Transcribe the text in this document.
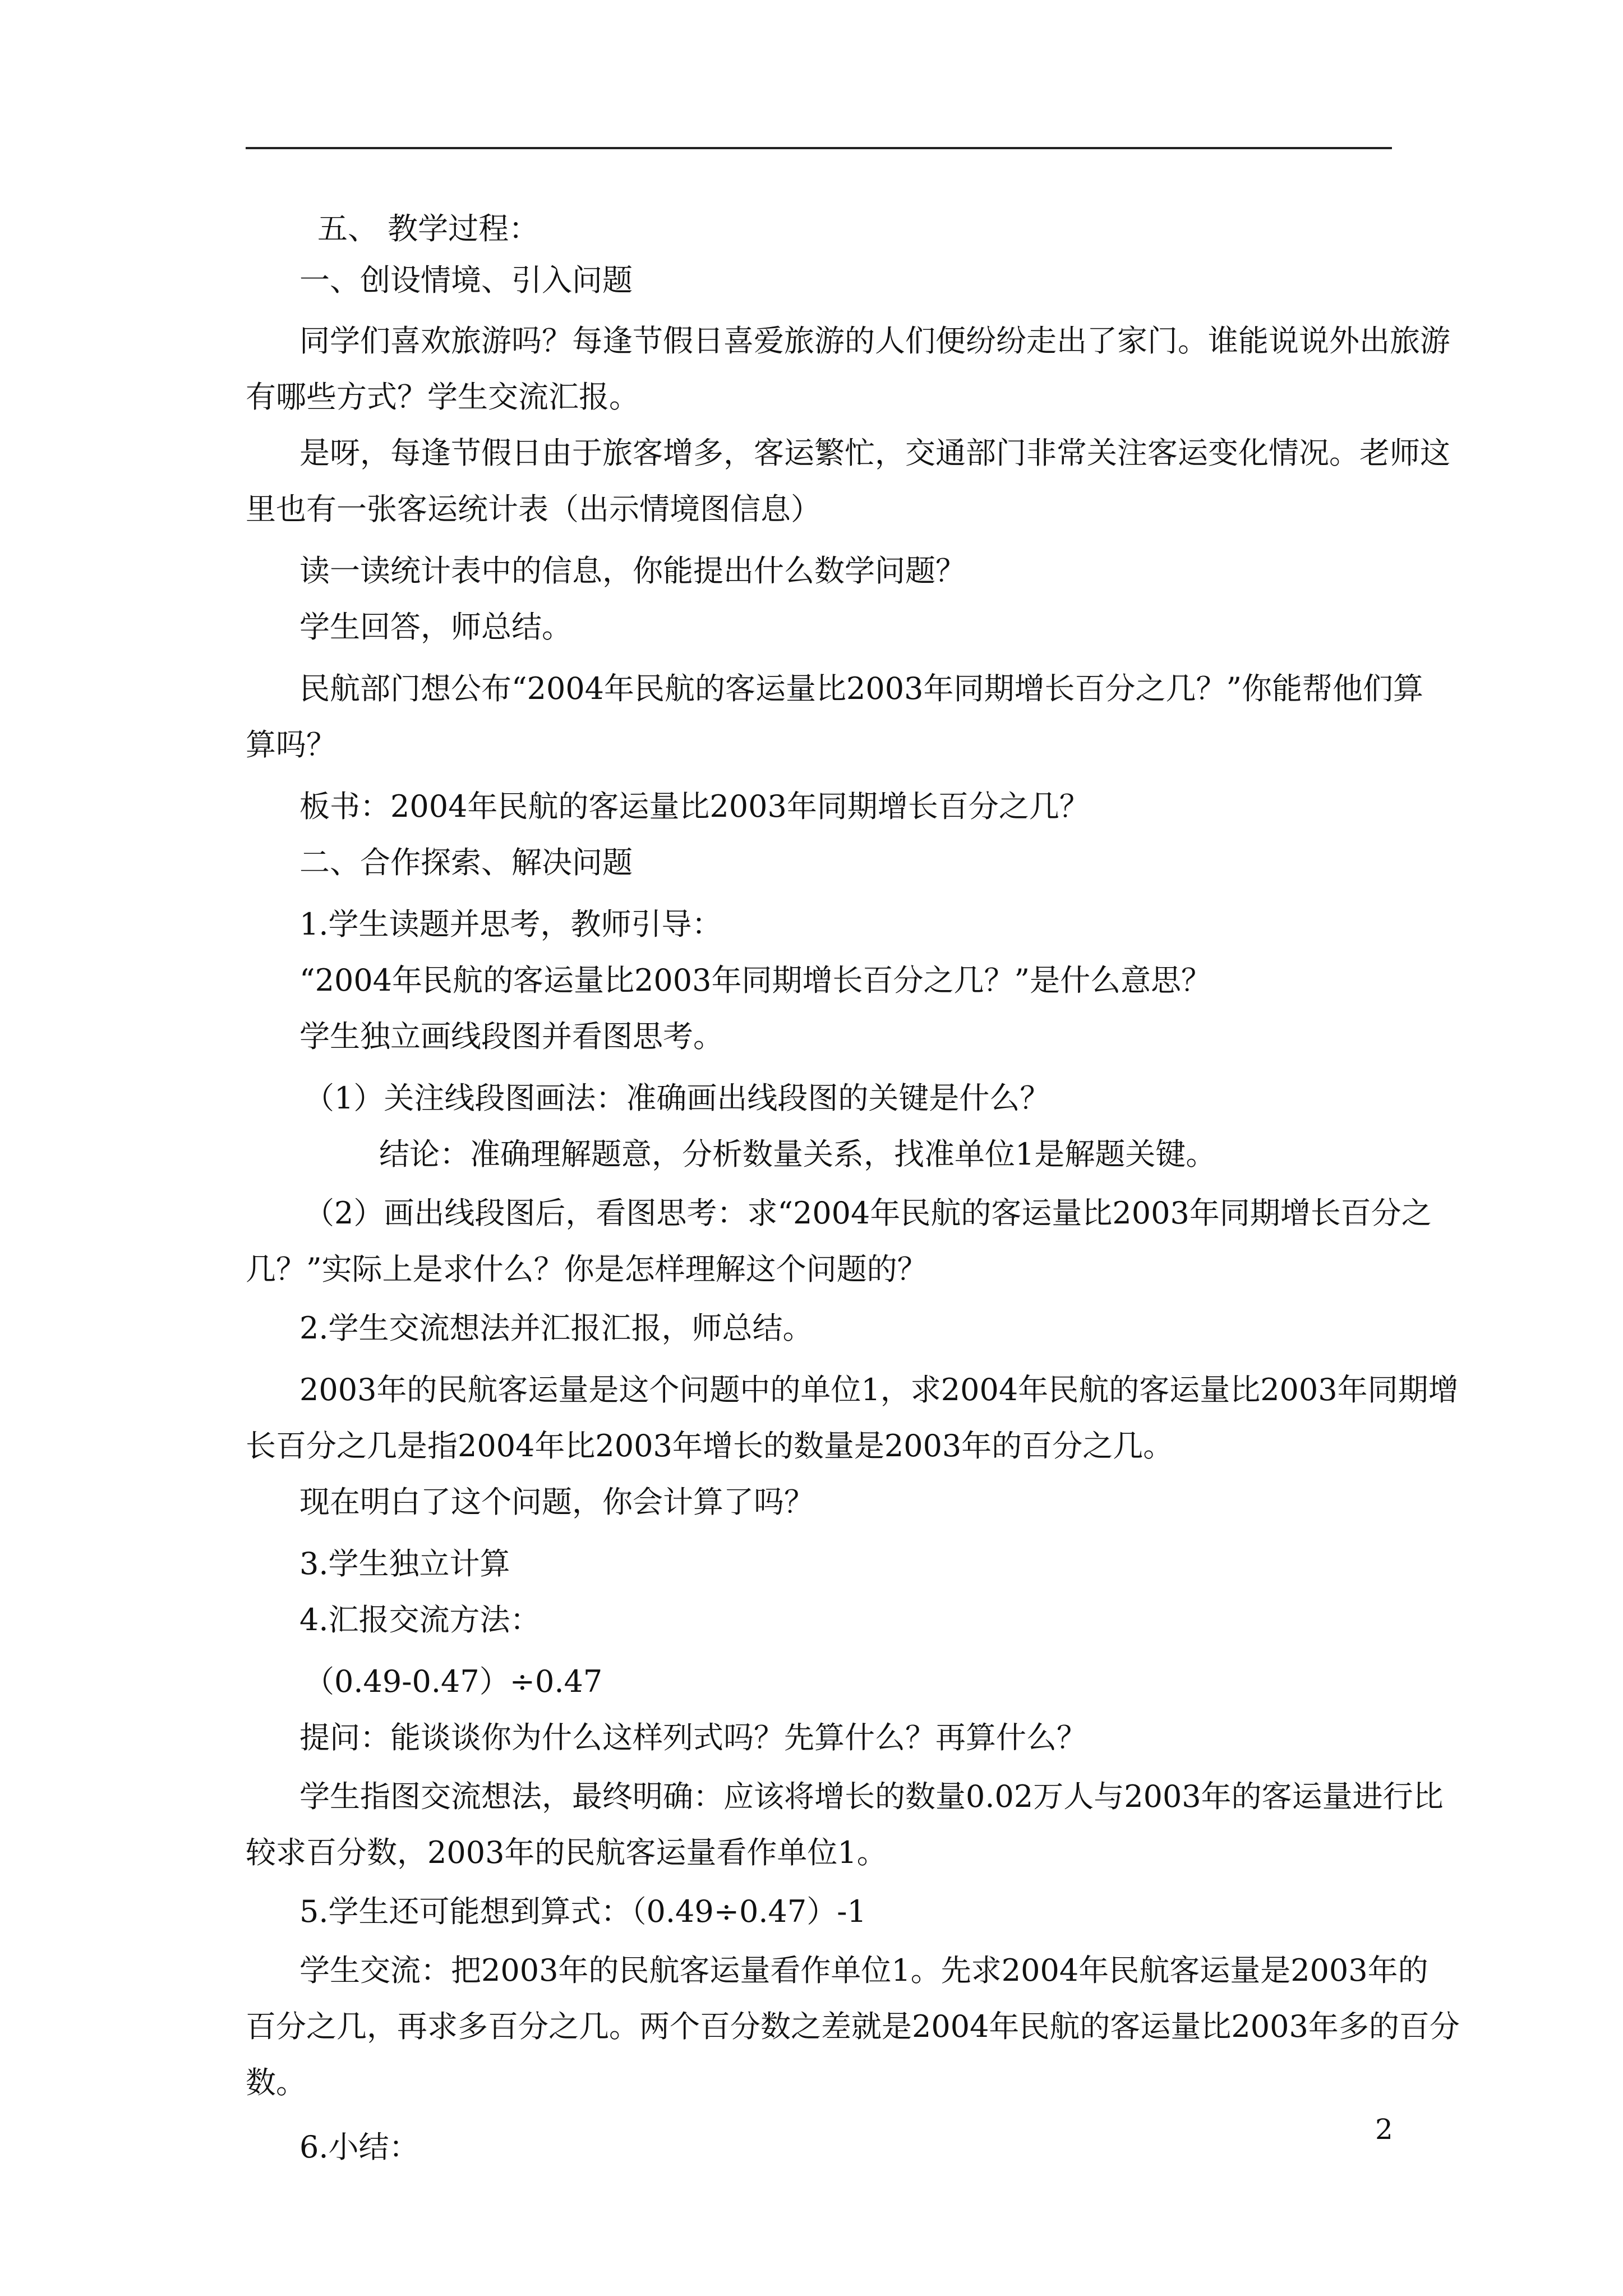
五、 教学过程：
一、创设情境、引入问题
同学们喜欢旅游吗？每逢节假日喜爱旅游的人们便纷纷走出了家门。谁能说说外出旅游
有哪些方式？学生交流汇报。
是呀，每逢节假日由于旅客增多，客运繁忙，交通部门非常关注客运变化情况。老师这
里也有一张客运统计表（出示情境图信息）
读一读统计表中的信息，你能提出什么数学问题？
学生回答，师总结。
民航部门想公布“2004年民航的客运量比2003年同期增长百分之几？”你能帮他们算
算吗？
板书：2004年民航的客运量比2003年同期增长百分之几？
二、合作探索、解决问题
1.学生读题并思考，教师引导：
“2004年民航的客运量比2003年同期增长百分之几？”是什么意思？
学生独立画线段图并看图思考。
（1）关注线段图画法：准确画出线段图的关键是什么？
结论：准确理解题意，分析数量关系，找准单位1是解题关键。
（2）画出线段图后，看图思考：求“2004年民航的客运量比2003年同期增长百分之
几？”实际上是求什么？你是怎样理解这个问题的？
2.学生交流想法并汇报汇报，师总结。
2003年的民航客运量是这个问题中的单位1，求2004年民航的客运量比2003年同期增
长百分之几是指2004年比2003年增长的数量是2003年的百分之几。
现在明白了这个问题，你会计算了吗？
3.学生独立计算
4.汇报交流方法：
（0.49-0.47）÷0.47
提问：能谈谈你为什么这样列式吗？先算什么？再算什么？
学生指图交流想法，最终明确：应该将增长的数量0.02万人与2003年的客运量进行比
较求百分数，2003年的民航客运量看作单位1。
5.学生还可能想到算式：（0.49÷0.47）-1
学生交流：把2003年的民航客运量看作单位1。先求2004年民航客运量是2003年的
百分之几，再求多百分之几。两个百分数之差就是2004年民航的客运量比2003年多的百分
数。
6.小结：	2
